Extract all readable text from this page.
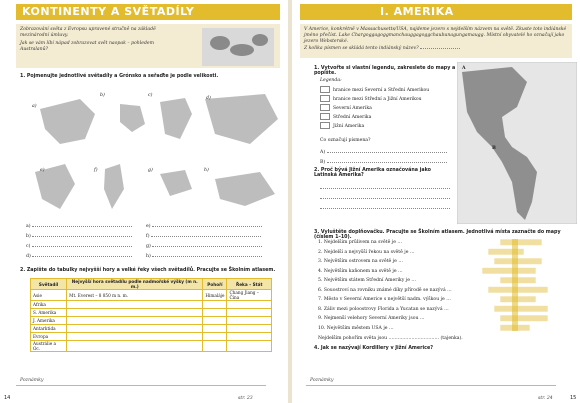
KONTINENTY A SVĚTADÍLY
Zobrazování světa z Evropsu upravené stručně na základě mezinárodní úmluvy.
Jak se vám líbí nápad zobrazovat svět naopak – pohledem Australanů?
1. Pojmenujte jednotlivé světadíly a Grónsko a seřaďte je podle velikosti.
a)
b)	c)
d)
e)	f)	g)	h)
a)
b)
c)
d)
e)
f)
g)
h)
2. Zapište do tabulky nejvyšší hory a velké řeky všech světadílů. Pracujte se Školním atlasem.
Světadíl	Nejvyšší hora světadílu podle nadmořské výšky (m n. m.)	Pohoří	Řeka – Stát
Asie	Mt. Everest – 8 850 m n. m.	Himaláje	Chang Jiang – Čína
Afrika			
S. Amerika			
J. Amerika			
Antarktida			
Evropa			
Austrálie a Oc.			
Poznámky
14	str. 23
I. AMERIKA
V Americe, konkrétně v Massachusetts/USA, najdeme jezero s nejdelším názvem na světě. Zkuste toto indiánské jméno přečíst. Lake Chargoggagoggmanchauggagoggchaubunagungamaugg. Místní obyvatelé ho označují jako jezero Websterské.
Z kolika písmen se skládá tento indiánský název?
1. Vytvořte si vlastní legendu, zakreslete do mapy a popište.
Legenda:
hranice mezi Severní a Střední Amerikou
hranice mezi Střední a Jižní Amerikou
Severní Amerika
Střední Amerika
Jižní Amerika
Co označují písmena?
A)
B)
A
B
2. Proč bývá Jižní Amerika označována jako Latinská Amerika?

3. Vyluštěte doplňovačku. Pracujte se Školním atlasem. Jednotlivá místa zaznačte do mapy (číslem 1–10).
1. Nejdelším průlivem na světě je …
2. Nejdelší a nejvyšší řekou na světě je …
3. Největším ostrovem na světě je …
4. Největším kaňonem na světě je …
5. Největším státem Střední Ameriky je …
6. Souostroví na rovníku známé díky přírodě se nazývá …
7. Město v Severní Americe s největší nadm. výškou je …
8. Záliv mezi poloostrovy Florida a Yucatan se nazývá …
9. Nejmenší velehory Severní Ameriky jsou …
10. Největším městem USA je …
Nejdelším pohořím světa jsou …………………………… (tajenka).
4. Jak se nazývají Kordillery v Jižní Americe?
Poznámky
15
str. 24
